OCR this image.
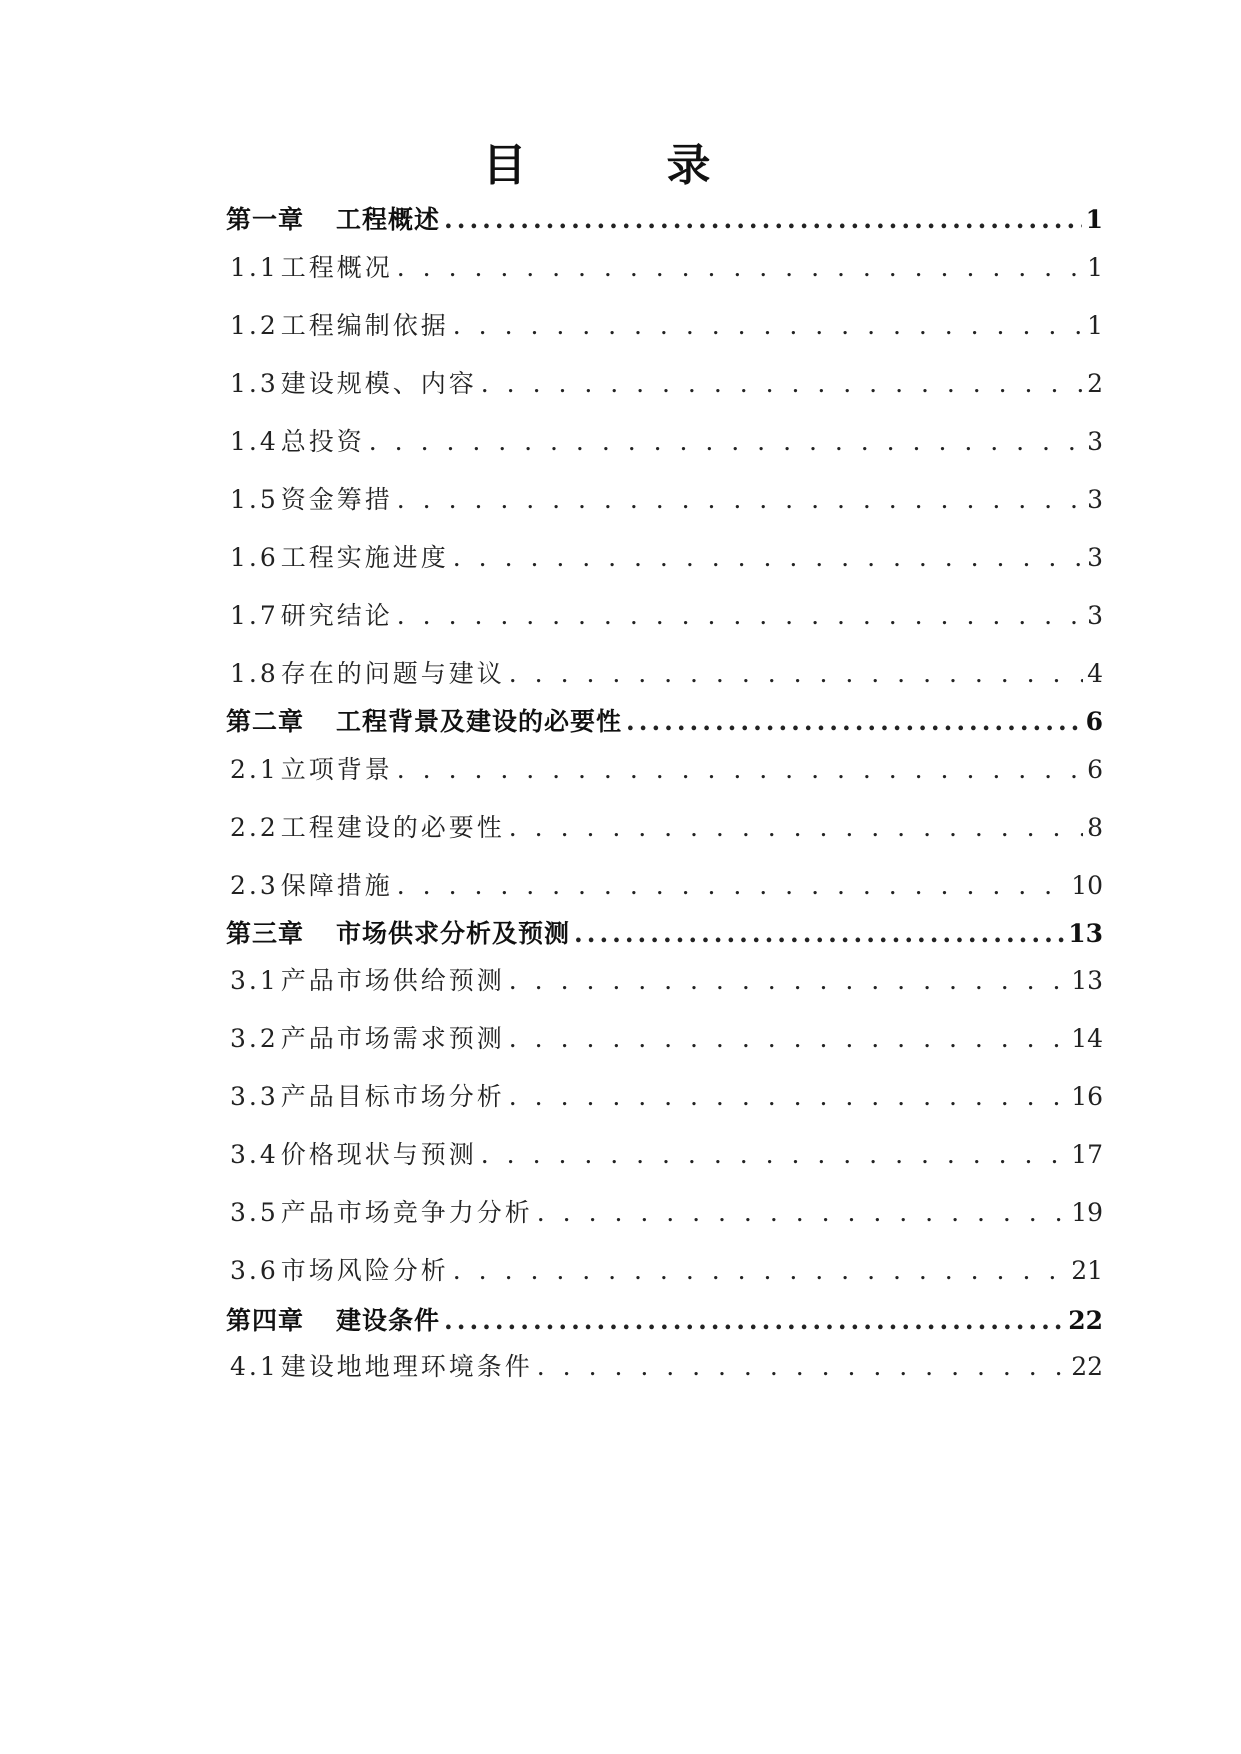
目　录
第一章 工程概述 .....	1
1.1 工程概况 . . .	1
1.2 工程编制依据 . . .	1
1.3 建设规模、内容 . . .	2
1.4 总投资 . . .	3
1.5 资金筹措 . . .	3
1.6 工程实施进度 . . .	3
1.7 研究结论 . . .	3
1.8 存在的问题与建议 . . .	4
第二章 工程背景及建设的必要性 .....	6
2.1 立项背景 . . .	6
2.2 工程建设的必要性 . . .	8
2.3 保障措施 . . .	10
第三章 市场供求分析及预测 .....	13
3.1 产品市场供给预测 . . .	13
3.2 产品市场需求预测 . . .	14
3.3 产品目标市场分析 . . .	16
3.4 价格现状与预测 . . .	17
3.5 产品市场竞争力分析 . . .	19
3.6 市场风险分析 . . .	21
第四章 建设条件 .....	22
4.1 建设地地理环境条件 . . .	22
